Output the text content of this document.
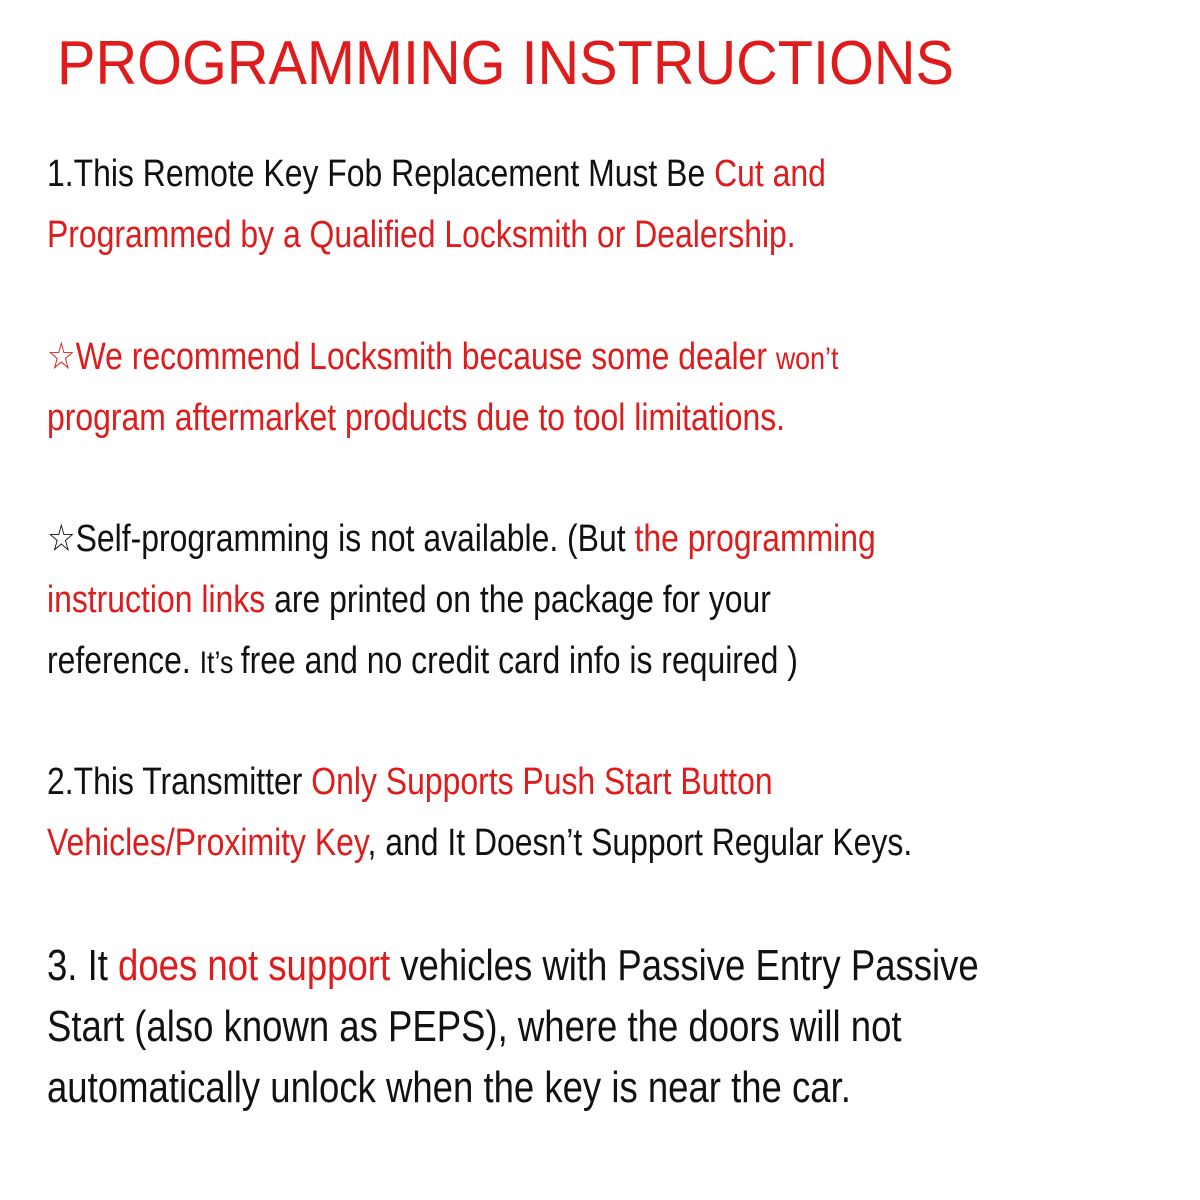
PROGRAMMING INSTRUCTIONS
1.This Remote Key Fob Replacement Must Be Cut and
Programmed by a Qualified Locksmith or Dealership.
☆We recommend Locksmith because some dealer won’t
program aftermarket products due to tool limitations.
☆Self-programming is not available. (But the programming
instruction links are printed on the package for your
reference. It’s free and no credit card info is required )
2.This Transmitter Only Supports Push Start Button
Vehicles/Proximity Key, and It Doesn’t Support Regular Keys.
3. It does not support vehicles with Passive Entry Passive
Start (also known as PEPS), where the doors will not
automatically unlock when the key is near the car.
